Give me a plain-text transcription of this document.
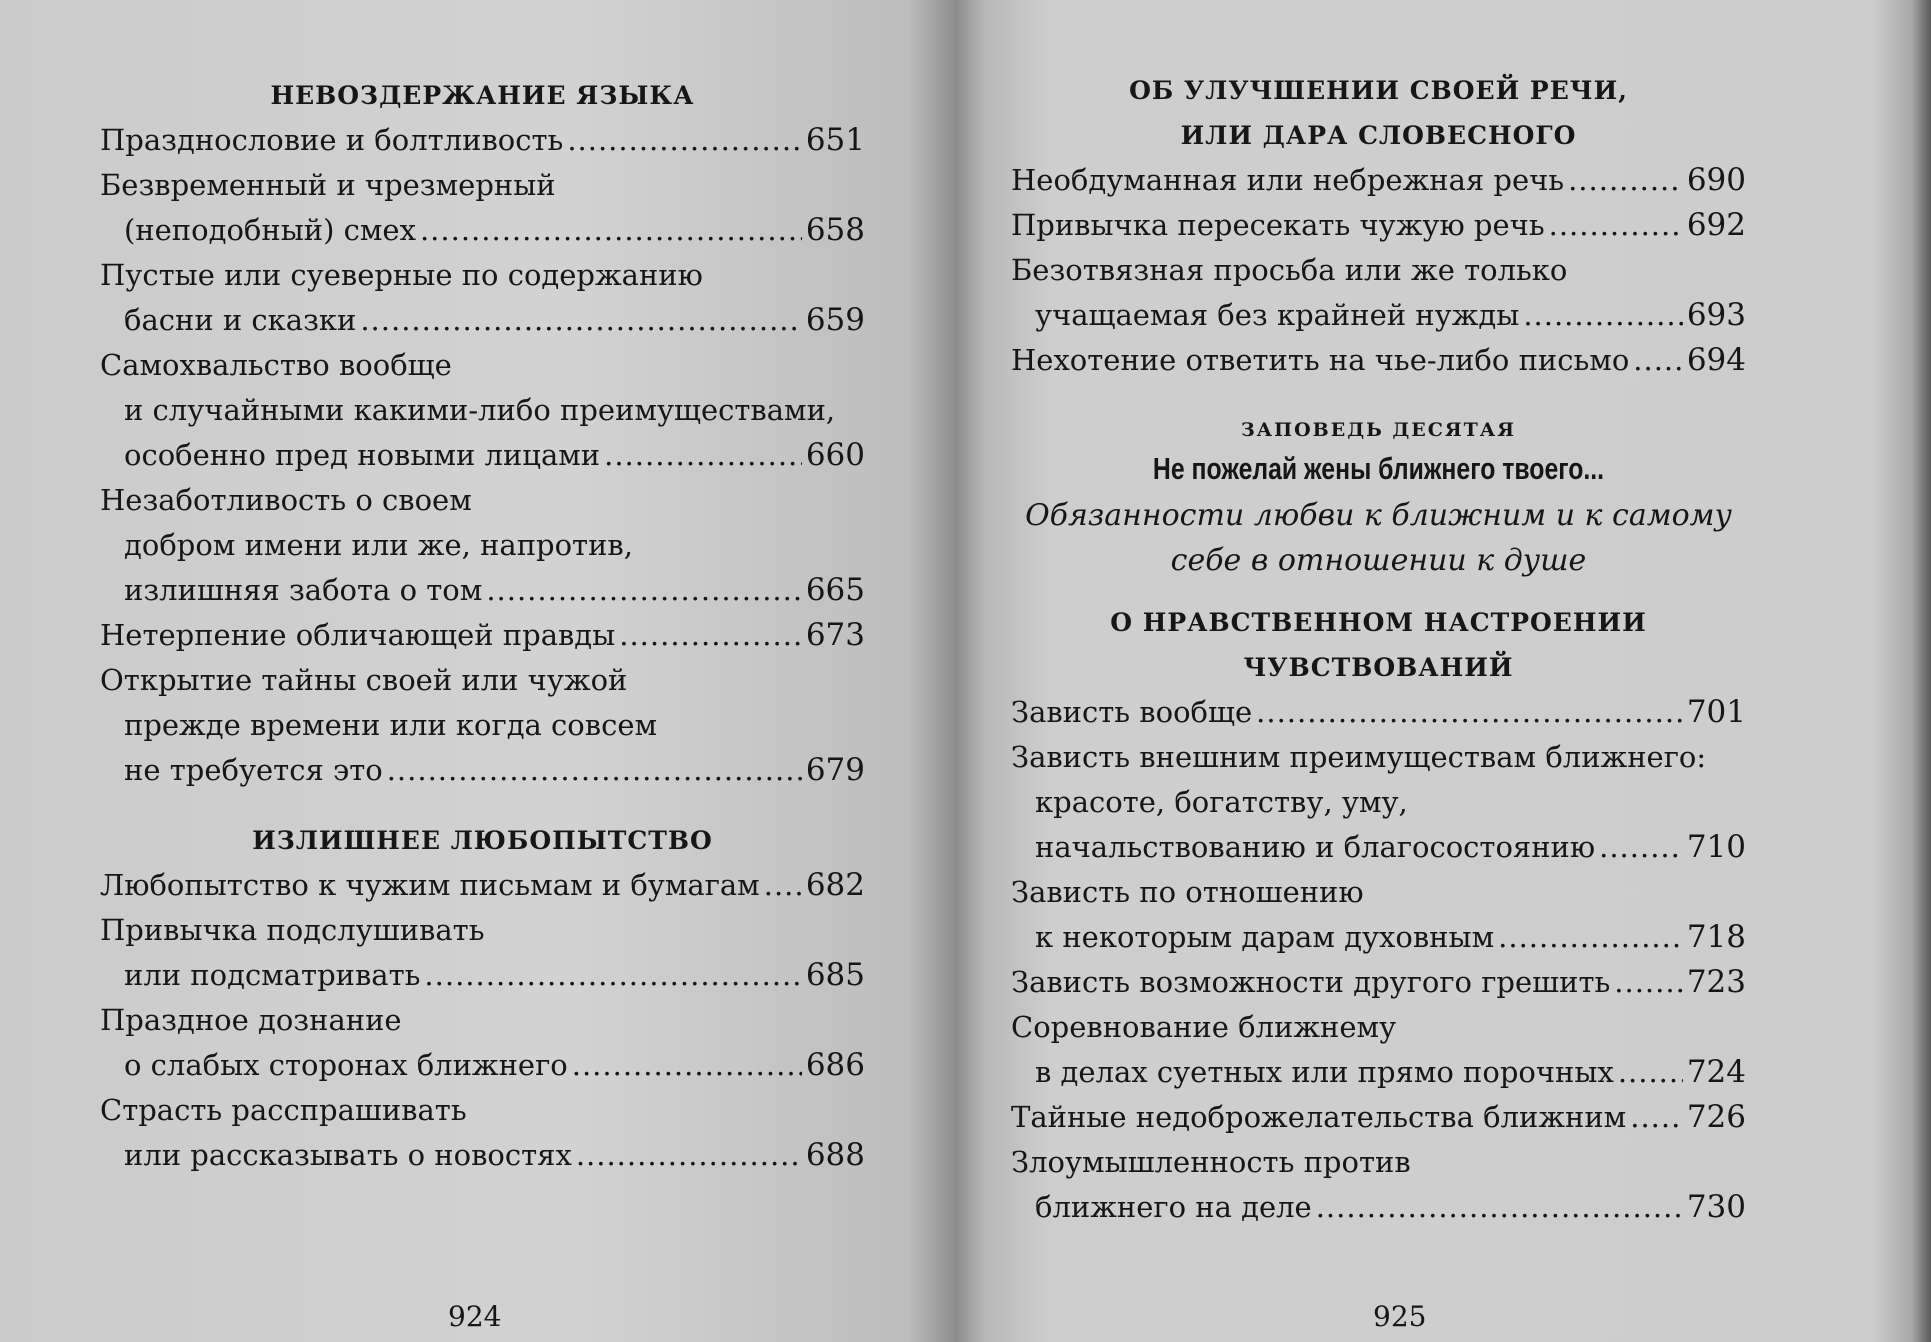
НЕВОЗДЕРЖАНИЕ ЯЗЫКА
Празднословие и болтливость .....	651
Безвременный и чрезмерный
(неподобный) смех .....	658
Пустые или суеверные по содержанию
басни и сказки .....	659
Самохвальство вообще
и случайными какими-либо преимуществами,
особенно пред новыми лицами .....	660
Незаботливость о своем
добром имени или же, напротив,
излишняя забота о том .....	665
Нетерпение обличающей правды .....	673
Открытие тайны своей или чужой
прежде времени или когда совсем
не требуется это .....	679
ИЗЛИШНЕЕ ЛЮБОПЫТСТВО
Любопытство к чужим письмам и бумагам ..... 682
Привычка подслушивать
или подсматривать .....	685
Праздное дознание
о слабых сторонах ближнего .....	686
Страсть расспрашивать
или рассказывать о новостях .....	688
924
ОБ УЛУЧШЕНИИ СВОЕЙ РЕЧИ,
ИЛИ ДАРА СЛОВЕСНОГО
Необдуманная или небрежная речь .....	690
Привычка пересекать чужую речь .....	692
Безотвязная просьба или же только
учащаемая без крайней нужды .....	693
Нехотение ответить на чье-либо письмо ..... 694
ЗАПОВЕДЬ ДЕСЯТАЯ
Не пожелай жены ближнего твоего...
Обязанности любви к ближним и к самому
себе в отношении к душе
О НРАВСТВЕННОМ НАСТРОЕНИИ
ЧУВСТВОВАНИЙ
Зависть вообще .....	701
Зависть внешним преимуществам ближнего:
красоте, богатству, уму,
начальствованию и благосостоянию .....	710
Зависть по отношению
к некоторым дарам духовным .....	718
Зависть возможности другого грешить ..... 723
Соревнование ближнему
в делах суетных или прямо порочных ..... 724
Тайные недоброжелательства ближним ..... 726
Злоумышленность против
ближнего на деле .....	730
925
